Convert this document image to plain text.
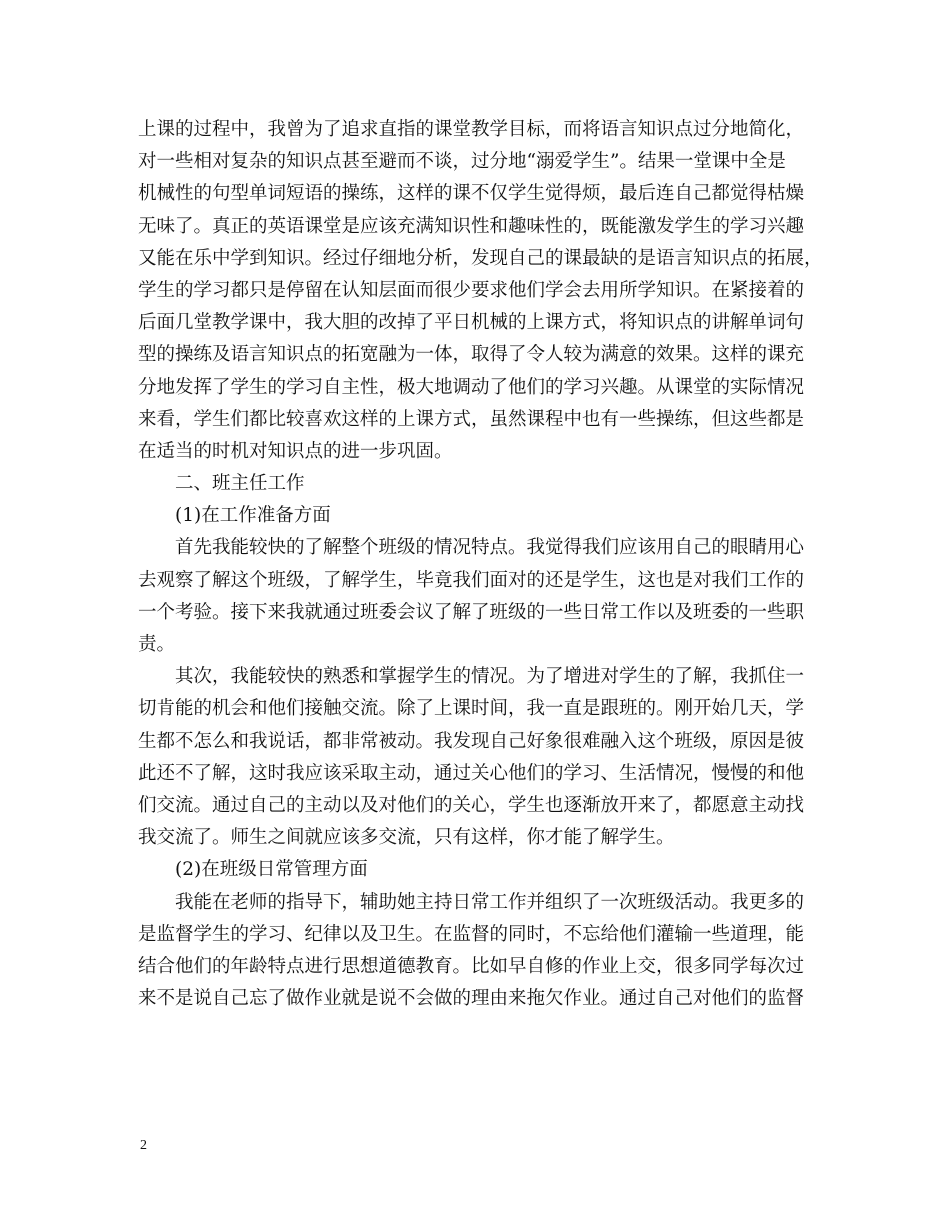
上课的过程中，我曾为了追求直指的课堂教学目标，而将语言知识点过分地简化，
对一些相对复杂的知识点甚至避而不谈，过分地“溺爱学生”。结果一堂课中全是
机械性的句型单词短语的操练，这样的课不仅学生觉得烦，最后连自己都觉得枯燥
无味了。真正的英语课堂是应该充满知识性和趣味性的，既能激发学生的学习兴趣
又能在乐中学到知识。经过仔细地分析，发现自己的课最缺的是语言知识点的拓展，
学生的学习都只是停留在认知层面而很少要求他们学会去用所学知识。在紧接着的
后面几堂教学课中，我大胆的改掉了平日机械的上课方式，将知识点的讲解单词句
型的操练及语言知识点的拓宽融为一体，取得了令人较为满意的效果。这样的课充
分地发挥了学生的学习自主性，极大地调动了他们的学习兴趣。从课堂的实际情况
来看，学生们都比较喜欢这样的上课方式，虽然课程中也有一些操练，但这些都是
在适当的时机对知识点的进一步巩固。
二、班主任工作
(1)在工作准备方面
首先我能较快的了解整个班级的情况特点。我觉得我们应该用自己的眼睛用心
去观察了解这个班级，了解学生，毕竟我们面对的还是学生，这也是对我们工作的
一个考验。接下来我就通过班委会议了解了班级的一些日常工作以及班委的一些职
责。
其次，我能较快的熟悉和掌握学生的情况。为了增进对学生的了解，我抓住一
切肯能的机会和他们接触交流。除了上课时间，我一直是跟班的。刚开始几天，学
生都不怎么和我说话，都非常被动。我发现自己好象很难融入这个班级，原因是彼
此还不了解，这时我应该采取主动，通过关心他们的学习、生活情况，慢慢的和他
们交流。通过自己的主动以及对他们的关心，学生也逐渐放开来了，都愿意主动找
我交流了。师生之间就应该多交流，只有这样，你才能了解学生。
(2)在班级日常管理方面
我能在老师的指导下，辅助她主持日常工作并组织了一次班级活动。我更多的
是监督学生的学习、纪律以及卫生。在监督的同时，不忘给他们灌输一些道理，能
结合他们的年龄特点进行思想道德教育。比如早自修的作业上交，很多同学每次过
来不是说自己忘了做作业就是说不会做的理由来拖欠作业。通过自己对他们的监督
2
